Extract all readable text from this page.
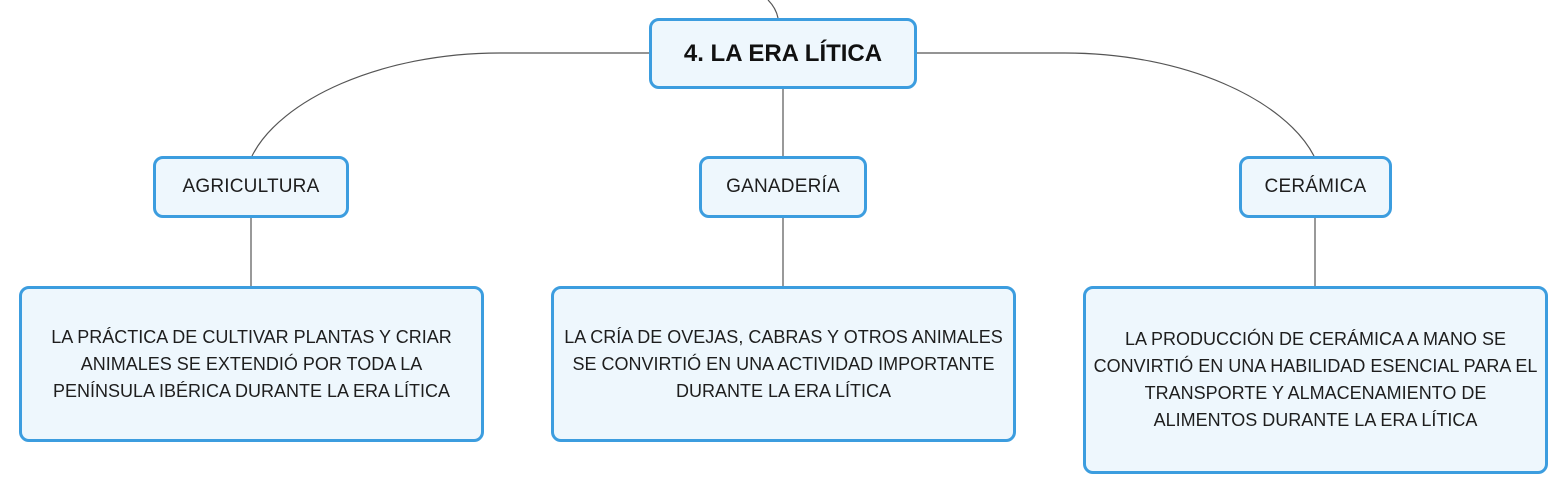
4. LA ERA LÍTICA
AGRICULTURA	GANADERÍA	CERÁMICA
LA PRÁCTICA DE CULTIVAR PLANTAS Y CRIAR ANIMALES SE EXTENDIÓ POR TODA LA PENÍNSULA IBÉRICA DURANTE LA ERA LÍTICA
LA CRÍA DE OVEJAS, CABRAS Y OTROS ANIMALES SE CONVIRTIÓ EN UNA ACTIVIDAD IMPORTANTE DURANTE LA ERA LÍTICA
LA PRODUCCIÓN DE CERÁMICA A MANO SE CONVIRTIÓ EN UNA HABILIDAD ESENCIAL PARA EL TRANSPORTE Y ALMACENAMIENTO DE ALIMENTOS DURANTE LA ERA LÍTICA
